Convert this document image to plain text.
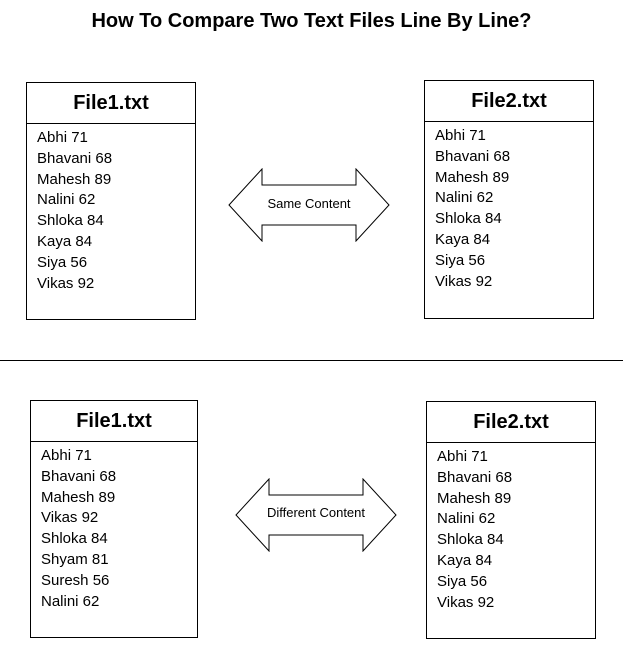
How To Compare Two Text Files Line By Line?
File1.txt
Abhi 71
Bhavani 68
Mahesh 89
Nalini 62
Shloka 84
Kaya 84
Siya 56
Vikas 92
Same Content
File2.txt
Abhi 71
Bhavani 68
Mahesh 89
Nalini 62
Shloka 84
Kaya 84
Siya 56
Vikas 92
File1.txt
Abhi 71
Bhavani 68
Mahesh 89
Vikas 92
Shloka 84
Shyam 81
Suresh 56
Nalini 62
Different Content
File2.txt
Abhi 71
Bhavani 68
Mahesh 89
Nalini 62
Shloka 84
Kaya 84
Siya 56
Vikas 92
